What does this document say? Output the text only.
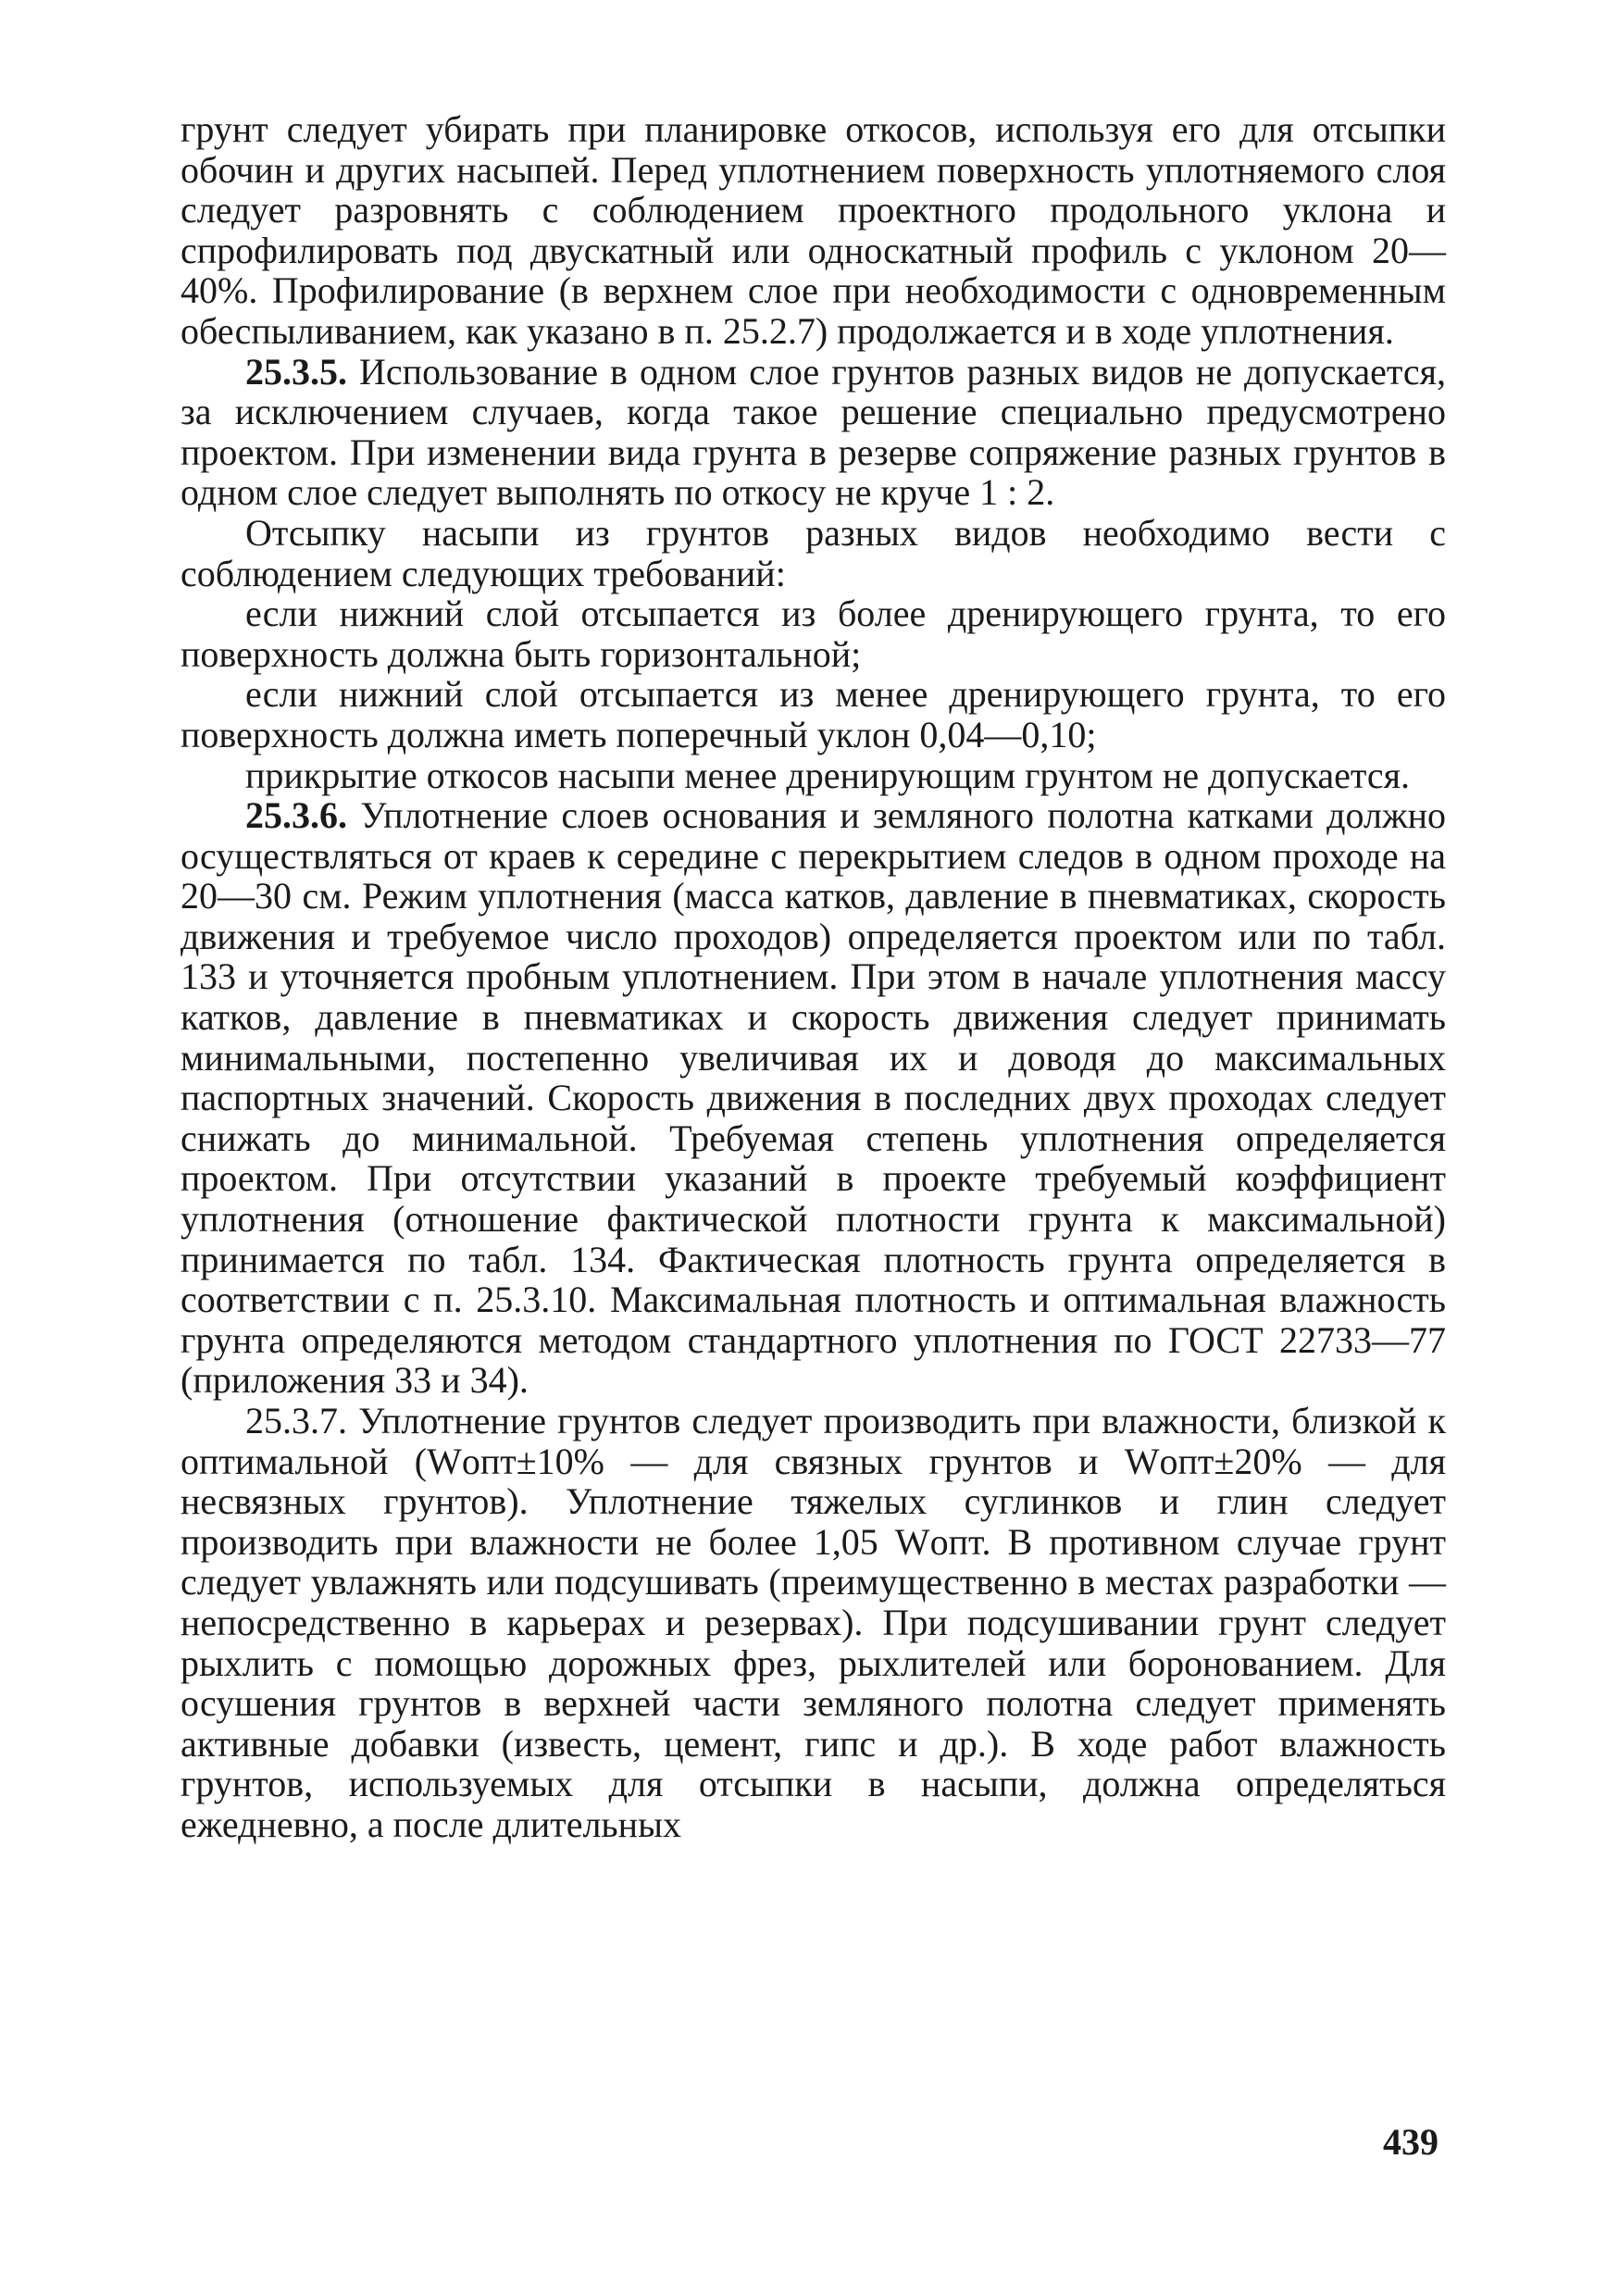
грунт следует убирать при планировке откосов, используя его для отсыпки обочин и других насыпей. Перед уплотнением поверхность уплотняемого слоя следует разровнять с соблюдением проектного продольного уклона и спрофилировать под двускатный или односкатный профиль с уклоном 20—40%. Профилирование (в верхнем слое при необходимости с одновременным обеспыливанием, как указано в п. 25.2.7) продолжается и в ходе уплотнения.

25.3.5. Использование в одном слое грунтов разных видов не допускается, за исключением случаев, когда такое решение специально предусмотрено проектом. При изменении вида грунта в резерве сопряжение разных грунтов в одном слое следует выполнять по откосу не круче 1 : 2.

Отсыпку насыпи из грунтов разных видов необходимо вести с соблюдением следующих требований:

если нижний слой отсыпается из более дренирующего грунта, то его поверхность должна быть горизонтальной;

если нижний слой отсыпается из менее дренирующего грунта, то его поверхность должна иметь поперечный уклон 0,04—0,10;

прикрытие откосов насыпи менее дренирующим грунтом не допускается.

25.3.6. Уплотнение слоев основания и земляного полотна катками должно осуществляться от краев к середине с перекрытием следов в одном проходе на 20—30 см. Режим уплотнения (масса катков, давление в пневматиках, скорость движения и требуемое число проходов) определяется проектом или по табл. 133 и уточняется пробным уплотнением. При этом в начале уплотнения массу катков, давление в пневматиках и скорость движения следует принимать минимальными, постепенно увеличивая их и доводя до максимальных паспортных значений. Скорость движения в последних двух проходах следует снижать до минимальной. Требуемая степень уплотнения определяется проектом. При отсутствии указаний в проекте требуемый коэффициент уплотнения (отношение фактической плотности грунта к максимальной) принимается по табл. 134. Фактическая плотность грунта определяется в соответствии с п. 25.3.10. Максимальная плотность и оптимальная влажность грунта определяются методом стандартного уплотнения по ГОСТ 22733—77 (приложения 33 и 34).

25.3.7. Уплотнение грунтов следует производить при влажности, близкой к оптимальной (Wопт±10% — для связных грунтов и Wопт±20% — для несвязных грунтов). Уплотнение тяжелых суглинков и глин следует производить при влажности не более 1,05 Wопт. В противном случае грунт следует увлажнять или подсушивать (преимущественно в местах разработки — непосредственно в карьерах и резервах). При подсушивании грунт следует рыхлить с помощью дорожных фрез, рыхлителей или боронованием. Для осушения грунтов в верхней части земляного полотна следует применять активные добавки (известь, цемент, гипс и др.). В ходе работ влажность грунтов, используемых для отсыпки в насыпи, должна определяться ежедневно, а после длительных

439
